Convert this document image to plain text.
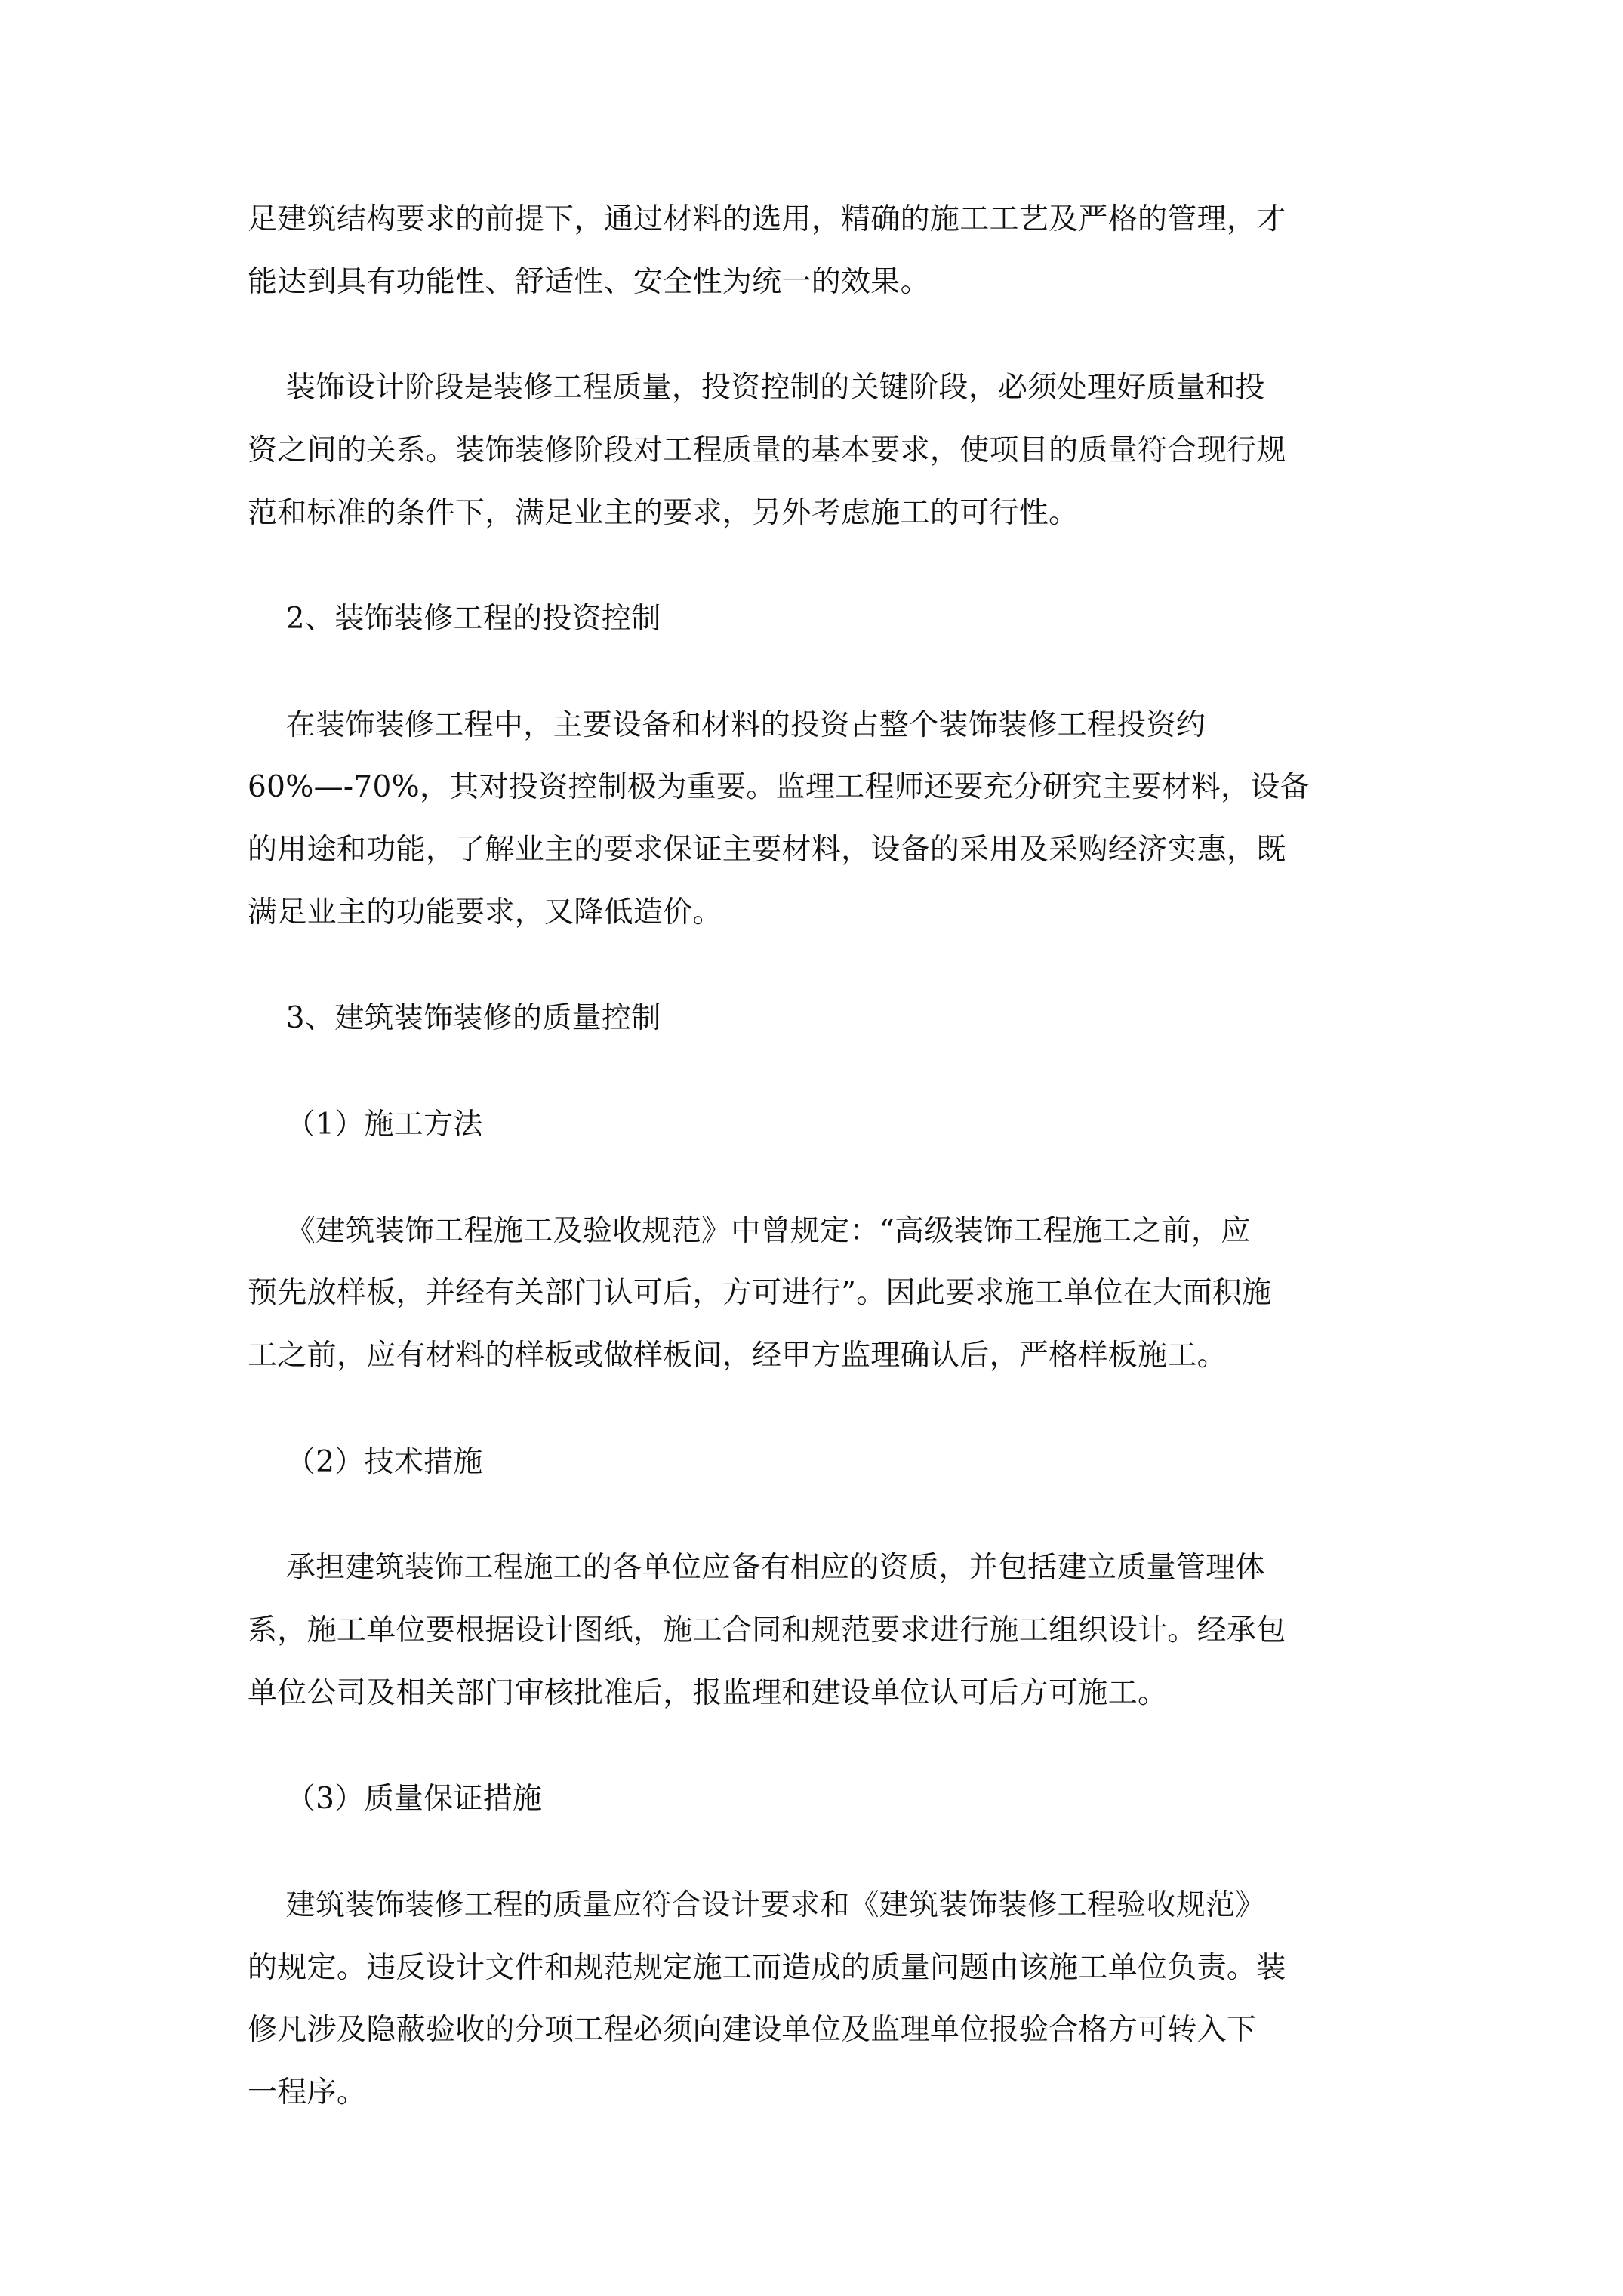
足建筑结构要求的前提下，通过材料的选用，精确的施工工艺及严格的管理，才

能达到具有功能性、舒适性、安全性为统一的效果。

装饰设计阶段是装修工程质量，投资控制的关键阶段，必须处理好质量和投

资之间的关系。装饰装修阶段对工程质量的基本要求，使项目的质量符合现行规

范和标准的条件下，满足业主的要求，另外考虑施工的可行性。

2、装饰装修工程的投资控制

在装饰装修工程中，主要设备和材料的投资占整个装饰装修工程投资约

60%—-70%，其对投资控制极为重要。监理工程师还要充分研究主要材料，设备

的用途和功能，了解业主的要求保证主要材料，设备的采用及采购经济实惠，既

满足业主的功能要求，又降低造价。

3、建筑装饰装修的质量控制

（1）施工方法

《建筑装饰工程施工及验收规范》中曾规定：“高级装饰工程施工之前，应

预先放样板，并经有关部门认可后，方可进行”。因此要求施工单位在大面积施

工之前，应有材料的样板或做样板间，经甲方监理确认后，严格样板施工。

（2）技术措施

承担建筑装饰工程施工的各单位应备有相应的资质，并包括建立质量管理体

系，施工单位要根据设计图纸，施工合同和规范要求进行施工组织设计。经承包

单位公司及相关部门审核批准后，报监理和建设单位认可后方可施工。

（3）质量保证措施

建筑装饰装修工程的质量应符合设计要求和《建筑装饰装修工程验收规范》

的规定。违反设计文件和规范规定施工而造成的质量问题由该施工单位负责。装

修凡涉及隐蔽验收的分项工程必须向建设单位及监理单位报验合格方可转入下

一程序。
